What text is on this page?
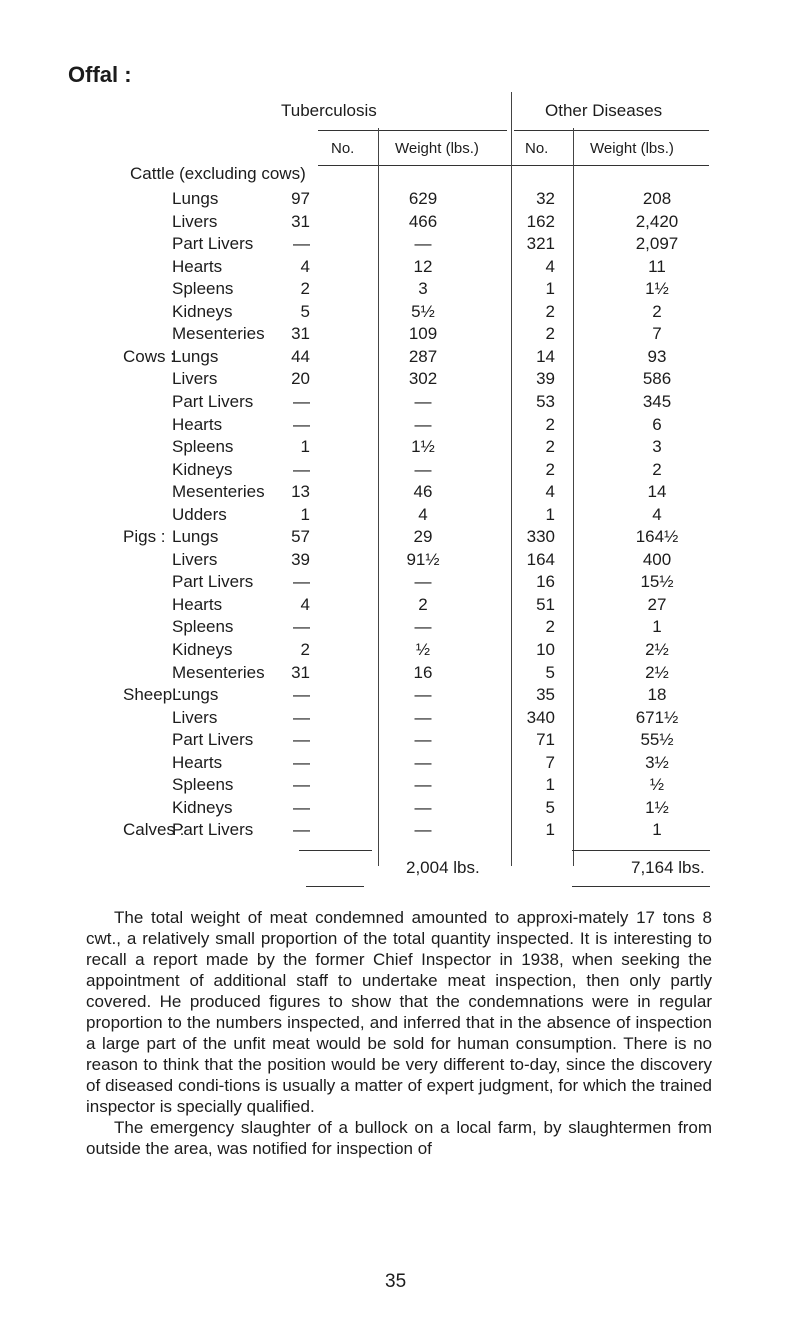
Offal :
Tuberculosis	Other Diseases
No.	Weight (lbs.)	No.	Weight (lbs.)
Cattle (excluding cows)
Lungs	97	629	32	208
Livers	31	466	162	2,420
Part Livers —	—	321	2,097
Hearts	4	12	4	11
Spleens	2	3	1	1½
Kidneys	5	5½	2	2
Mesenteries 31	109	2	7
Cows :
Lungs	44	287	14	93
Livers	20	302	39	586
Part Livers —	—	53	345
Hearts	—	—	2	6
Spleens	1	1½	2	3
Kidneys	—	—	2	2
Mesenteries 13	46	4	14
Udders	1	4	1	4
Pigs : Lungs	57	29	330	164½
Livers	39	91½	164	400
Part Livers —	—	16	15½
Hearts	4	2	51	27
Spleens	—	—	2	1
Kidneys	2	½	10	2½
Mesenteries 31	16	5	2½
Sheep :
Lungs	—	—	35	18
Livers	—	—	340	671½
Part Livers —	—	71	55½
Hearts	—	—	7	3½
Spleens	—	—	1	½
Kidneys	—	—	5	1½
Calves :
Part Livers —	—	1	1
2,004 lbs.	7,164 lbs.

The total weight of meat condemned amounted to approxi-mately 17 tons 8 cwt., a relatively small proportion of the total quantity inspected. It is interesting to recall a report made by the former Chief Inspector in 1938, when seeking the appointment of additional staff to undertake meat inspection, then only partly covered. He produced figures to show that the condemnations were in regular proportion to the numbers inspected, and inferred that in the absence of inspection a large part of the unfit meat would be sold for human consumption. There is no reason to think that the position would be very different to-day, since the discovery of diseased condi-tions is usually a matter of expert judgment, for which the trained inspector is specially qualified.

The emergency slaughter of a bullock on a local farm, by slaughtermen from outside the area, was notified for inspection of

35
